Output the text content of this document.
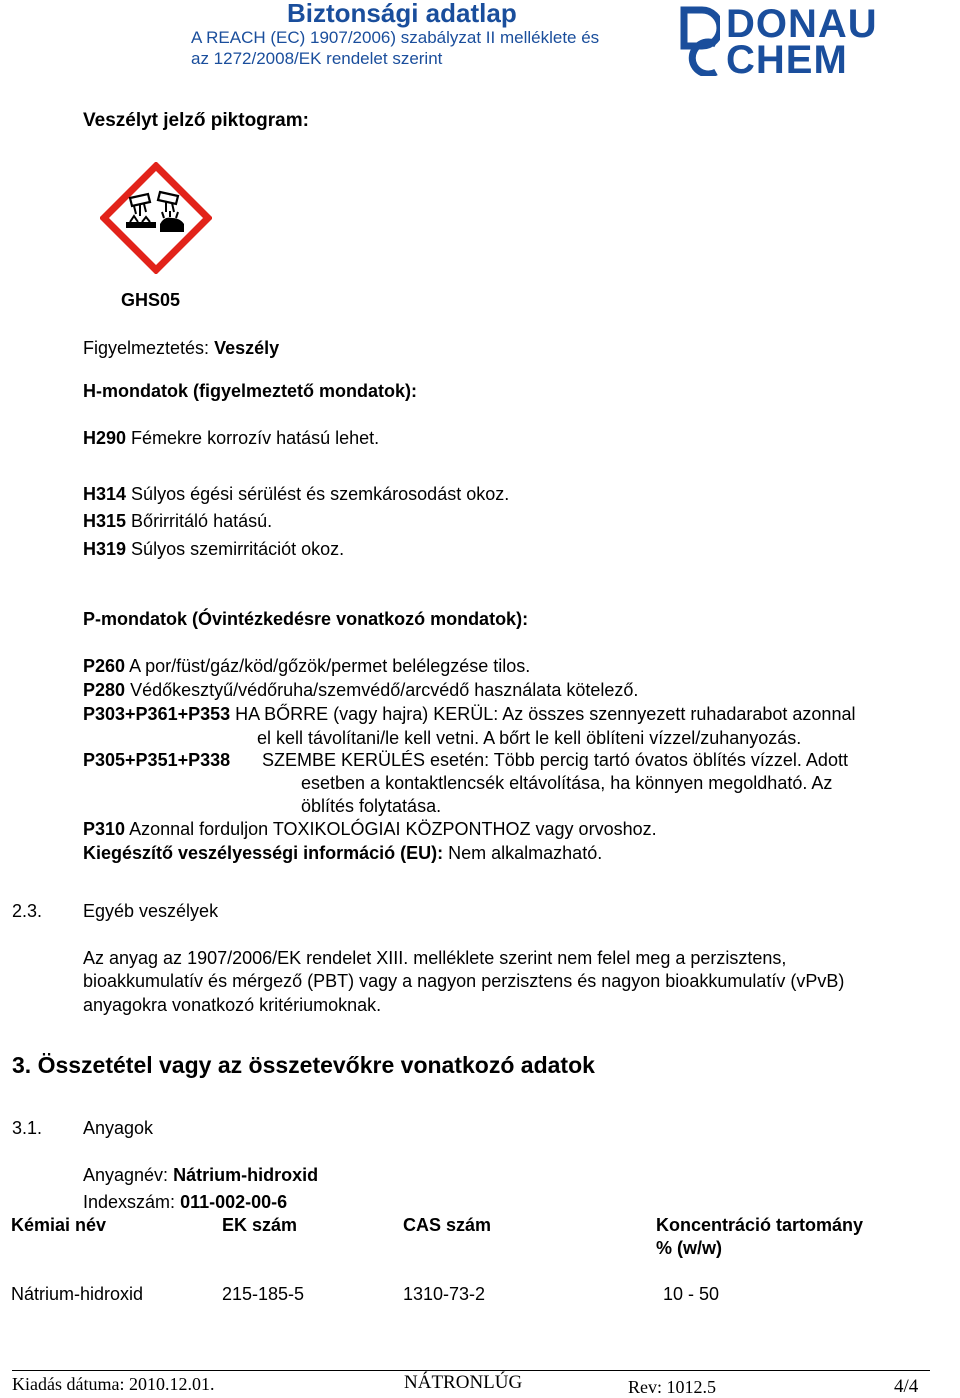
Biztonsági adatlap
A REACH (EC) 1907/2006) szabályzat II melléklete és
az 1272/2008/EK rendelet szerint
DONAU
CHEM
Veszélyt jelző piktogram:
GHS05
Figyelmeztetés: Veszély
H-mondatok (figyelmeztető mondatok):
H290 Fémekre korrozív hatású lehet.
H314 Súlyos égési sérülést és szemkárosodást okoz.
H315 Bőrirritáló hatású.
H319 Súlyos szemirritációt okoz.
P-mondatok (Óvintézkedésre vonatkozó mondatok):
P260 A por/füst/gáz/köd/gőzök/permet belélegzése tilos.
P280 Védőkesztyű/védőruha/szemvédő/arcvédő használata kötelező.
P303+P361+P353 HA BŐRRE (vagy hajra) KERÜL: Az összes szennyezett ruhadarabot azonnal
el kell távolítani/le kell vetni. A bőrt le kell öblíteni vízzel/zuhanyozás.
P305+P351+P338 SZEMBE KERÜLÉS esetén: Több percig tartó óvatos öblítés vízzel. Adott
esetben a kontaktlencsék eltávolítása, ha könnyen megoldható. Az
öblítés folytatása.
P310 Azonnal forduljon TOXIKOLÓGIAI KÖZPONTHOZ vagy orvoshoz.
Kiegészítő veszélyességi információ (EU): Nem alkalmazható.
2.3. Egyéb veszélyek
Az anyag az 1907/2006/EK rendelet XIII. melléklete szerint nem felel meg a perzisztens,
bioakkumulatív és mérgező (PBT) vagy a nagyon perzisztens és nagyon bioakkumulatív (vPvB)
anyagokra vonatkozó kritériumoknak.
3. Összetétel vagy az összetevőkre vonatkozó adatok
3.1. Anyagok
Anyagnév: Nátrium-hidroxid
Indexszám: 011-002-00-6
Kémiai név	EK szám	CAS szám	Koncentráció tartomány
% (w/w)
Nátrium-hidroxid	215-185-5	1310-73-2	10 - 50
Kiadás dátuma: 2010.12.01.	NÁTRONLÚG	Rev: 1012.5	4/4
